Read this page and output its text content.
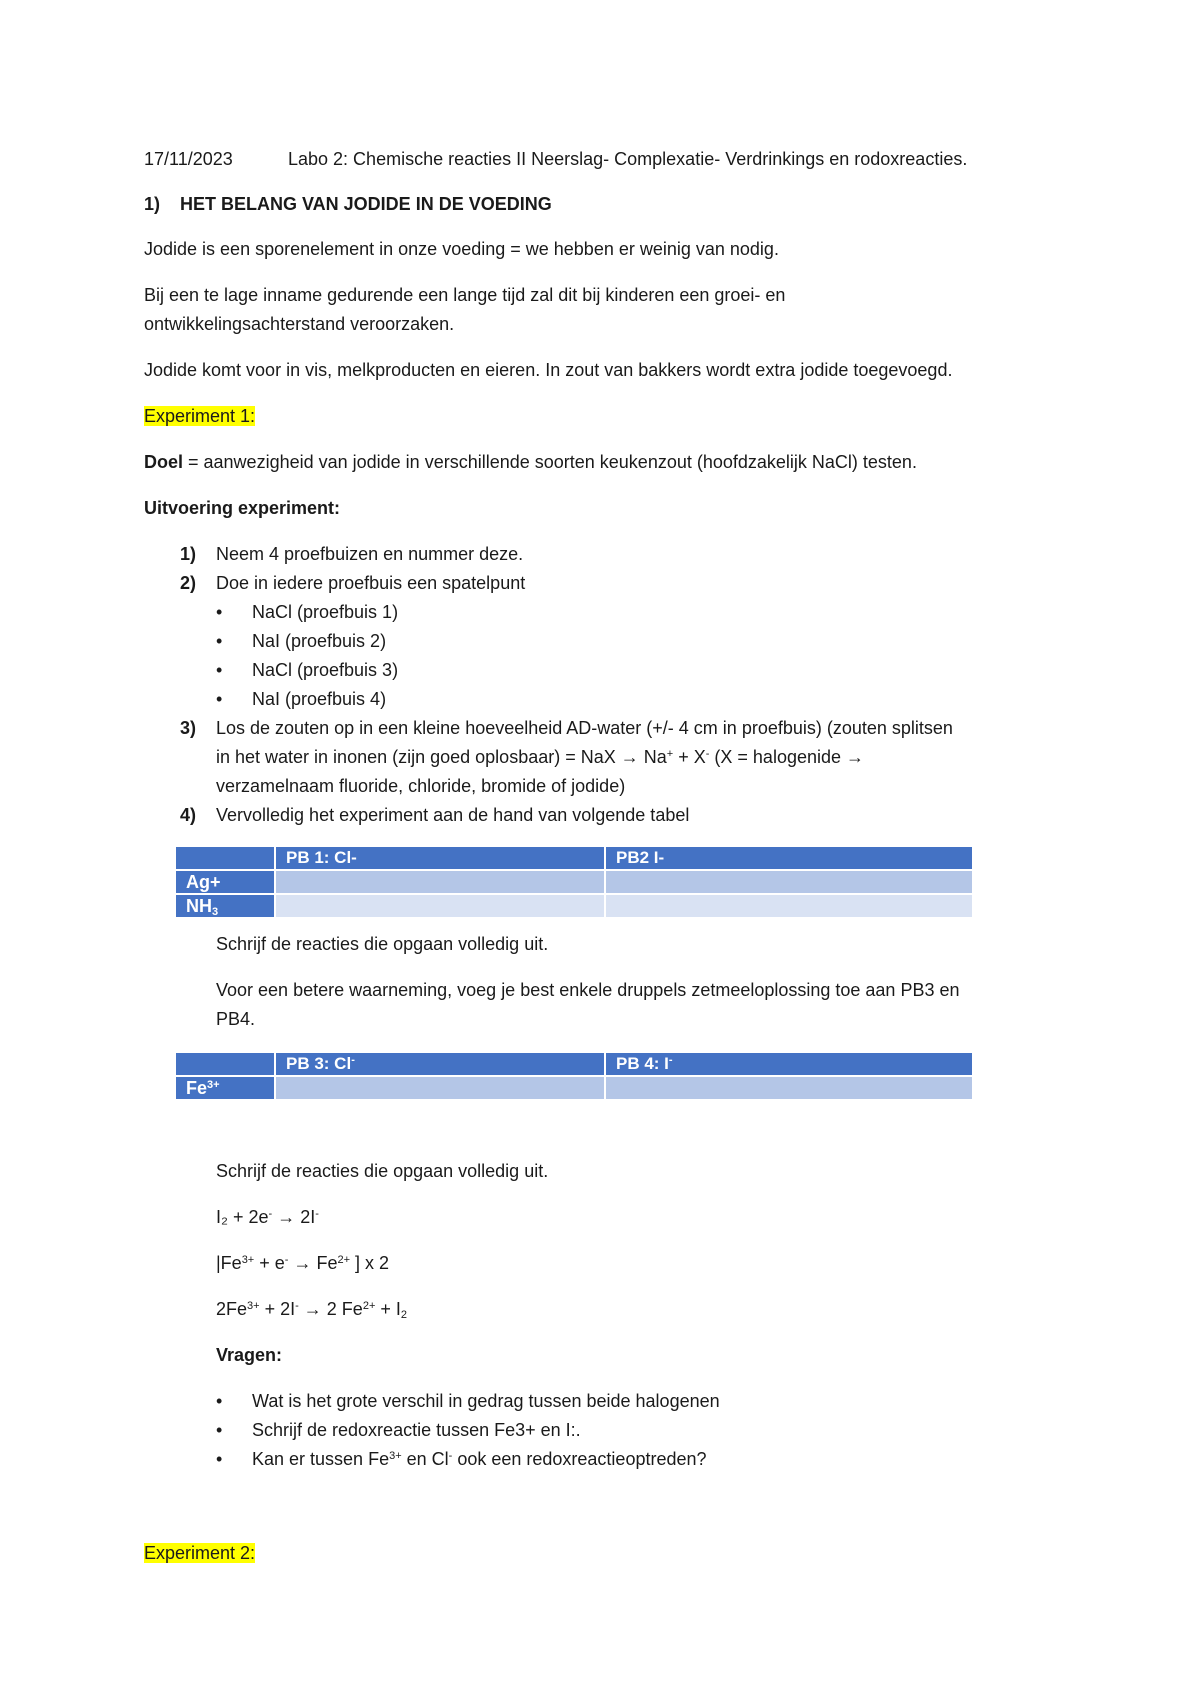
17/11/2023	Labo 2: Chemische reacties II Neerslag- Complexatie- Verdrinkings en rodoxreacties.
1) HET BELANG VAN JODIDE IN DE VOEDING
Jodide is een sporenelement in onze voeding = we hebben er weinig van nodig.
Bij een te lage inname gedurende een lange tijd zal dit bij kinderen een groei- en
ontwikkelingsachterstand veroorzaken.
Jodide komt voor in vis, melkproducten en eieren. In zout van bakkers wordt extra jodide toegevoegd.
Experiment 1:
Doel = aanwezigheid van jodide in verschillende soorten keukenzout (hoofdzakelijk NaCl) testen.
Uitvoering experiment:
1) Neem 4 proefbuizen en nummer deze.
2) Doe in iedere proefbuis een spatelpunt
• NaCl (proefbuis 1)
• NaI (proefbuis 2)
• NaCl (proefbuis 3)
• NaI (proefbuis 4)
3) Los de zouten op in een kleine hoeveelheid AD-water (+/- 4 cm in proefbuis) (zouten splitsen
in het water in inonen (zijn goed oplosbaar) = NaX → Na+ + X- (X = halogenide →
verzamelnaam fluoride, chloride, bromide of jodide)
4) Vervolledig het experiment aan de hand van volgende tabel
	PB 1: Cl-	PB2 I-
Ag+		
$NH_3$		
Schrijf de reacties die opgaan volledig uit.
Voor een betere waarneming, voeg je best enkele druppels zetmeeloplossing toe aan PB3 en
PB4.
	PB 3: Cl-	PB 4: I-
$Fe^{3+}$		
Schrijf de reacties die opgaan volledig uit.
I₂ + 2e- → 2I-
$|Fe^{3+} + e^- \to Fe^{2+}$ ] x 2
$2Fe^{3+} + 2I^- \to 2$ $Fe^{2+} + I_2$
Vragen:
• Wat is het grote verschil in gedrag tussen beide halogenen
• Schrijf de redoxreactie tussen Fe3+ en I:.
• Kan er tussen $Fe^{3+}$ en Cl- ook een redoxreactieoptreden?
Experiment 2:
